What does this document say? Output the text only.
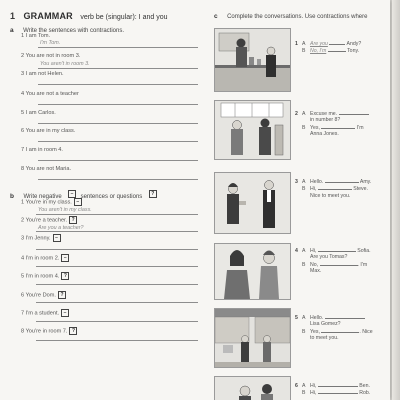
1 GRAMMAR verb be (singular): I and you
a Write the sentences with contractions.
1 I am Tom.
I'm Tom.
2 You are not in room 3.
You aren't in room 3.
3 I am not Helen.
4 You are not a teacher
5 I am Carlos.
6 You are in my class.
7 I am in room 4.
8 You are not Maria.
b Write negative − sentences or questions ?
1 You're in my class. −
You aren't in my class.
2 You're a teacher. ?
Are you a teacher?
3 I'm Jenny. −
4 I'm in room 2. −
5 I'm in room 4. ?
6 You're Dom. ?
7 I'm a student. −
8 You're in room 7. ?

c Complete the conversations. Use contractions where
1 A Are you	Andy?
B No, I'm	Tony.
2 A Excuse me.
in number 8?
B Yes,	I'm
Anna Jones.
3 A Hello.	Amy.
B Hi,	Steve.
Nice to meet you.
4 A Hi,	Sofia.
Are you Tomas?
B No,	. I'm
Max.
5 A Hello.
Lisa Gomez?
B Yes,	. Nice
to meet you.
6 A Hi,	Ben.
B Hi,	Rob.
